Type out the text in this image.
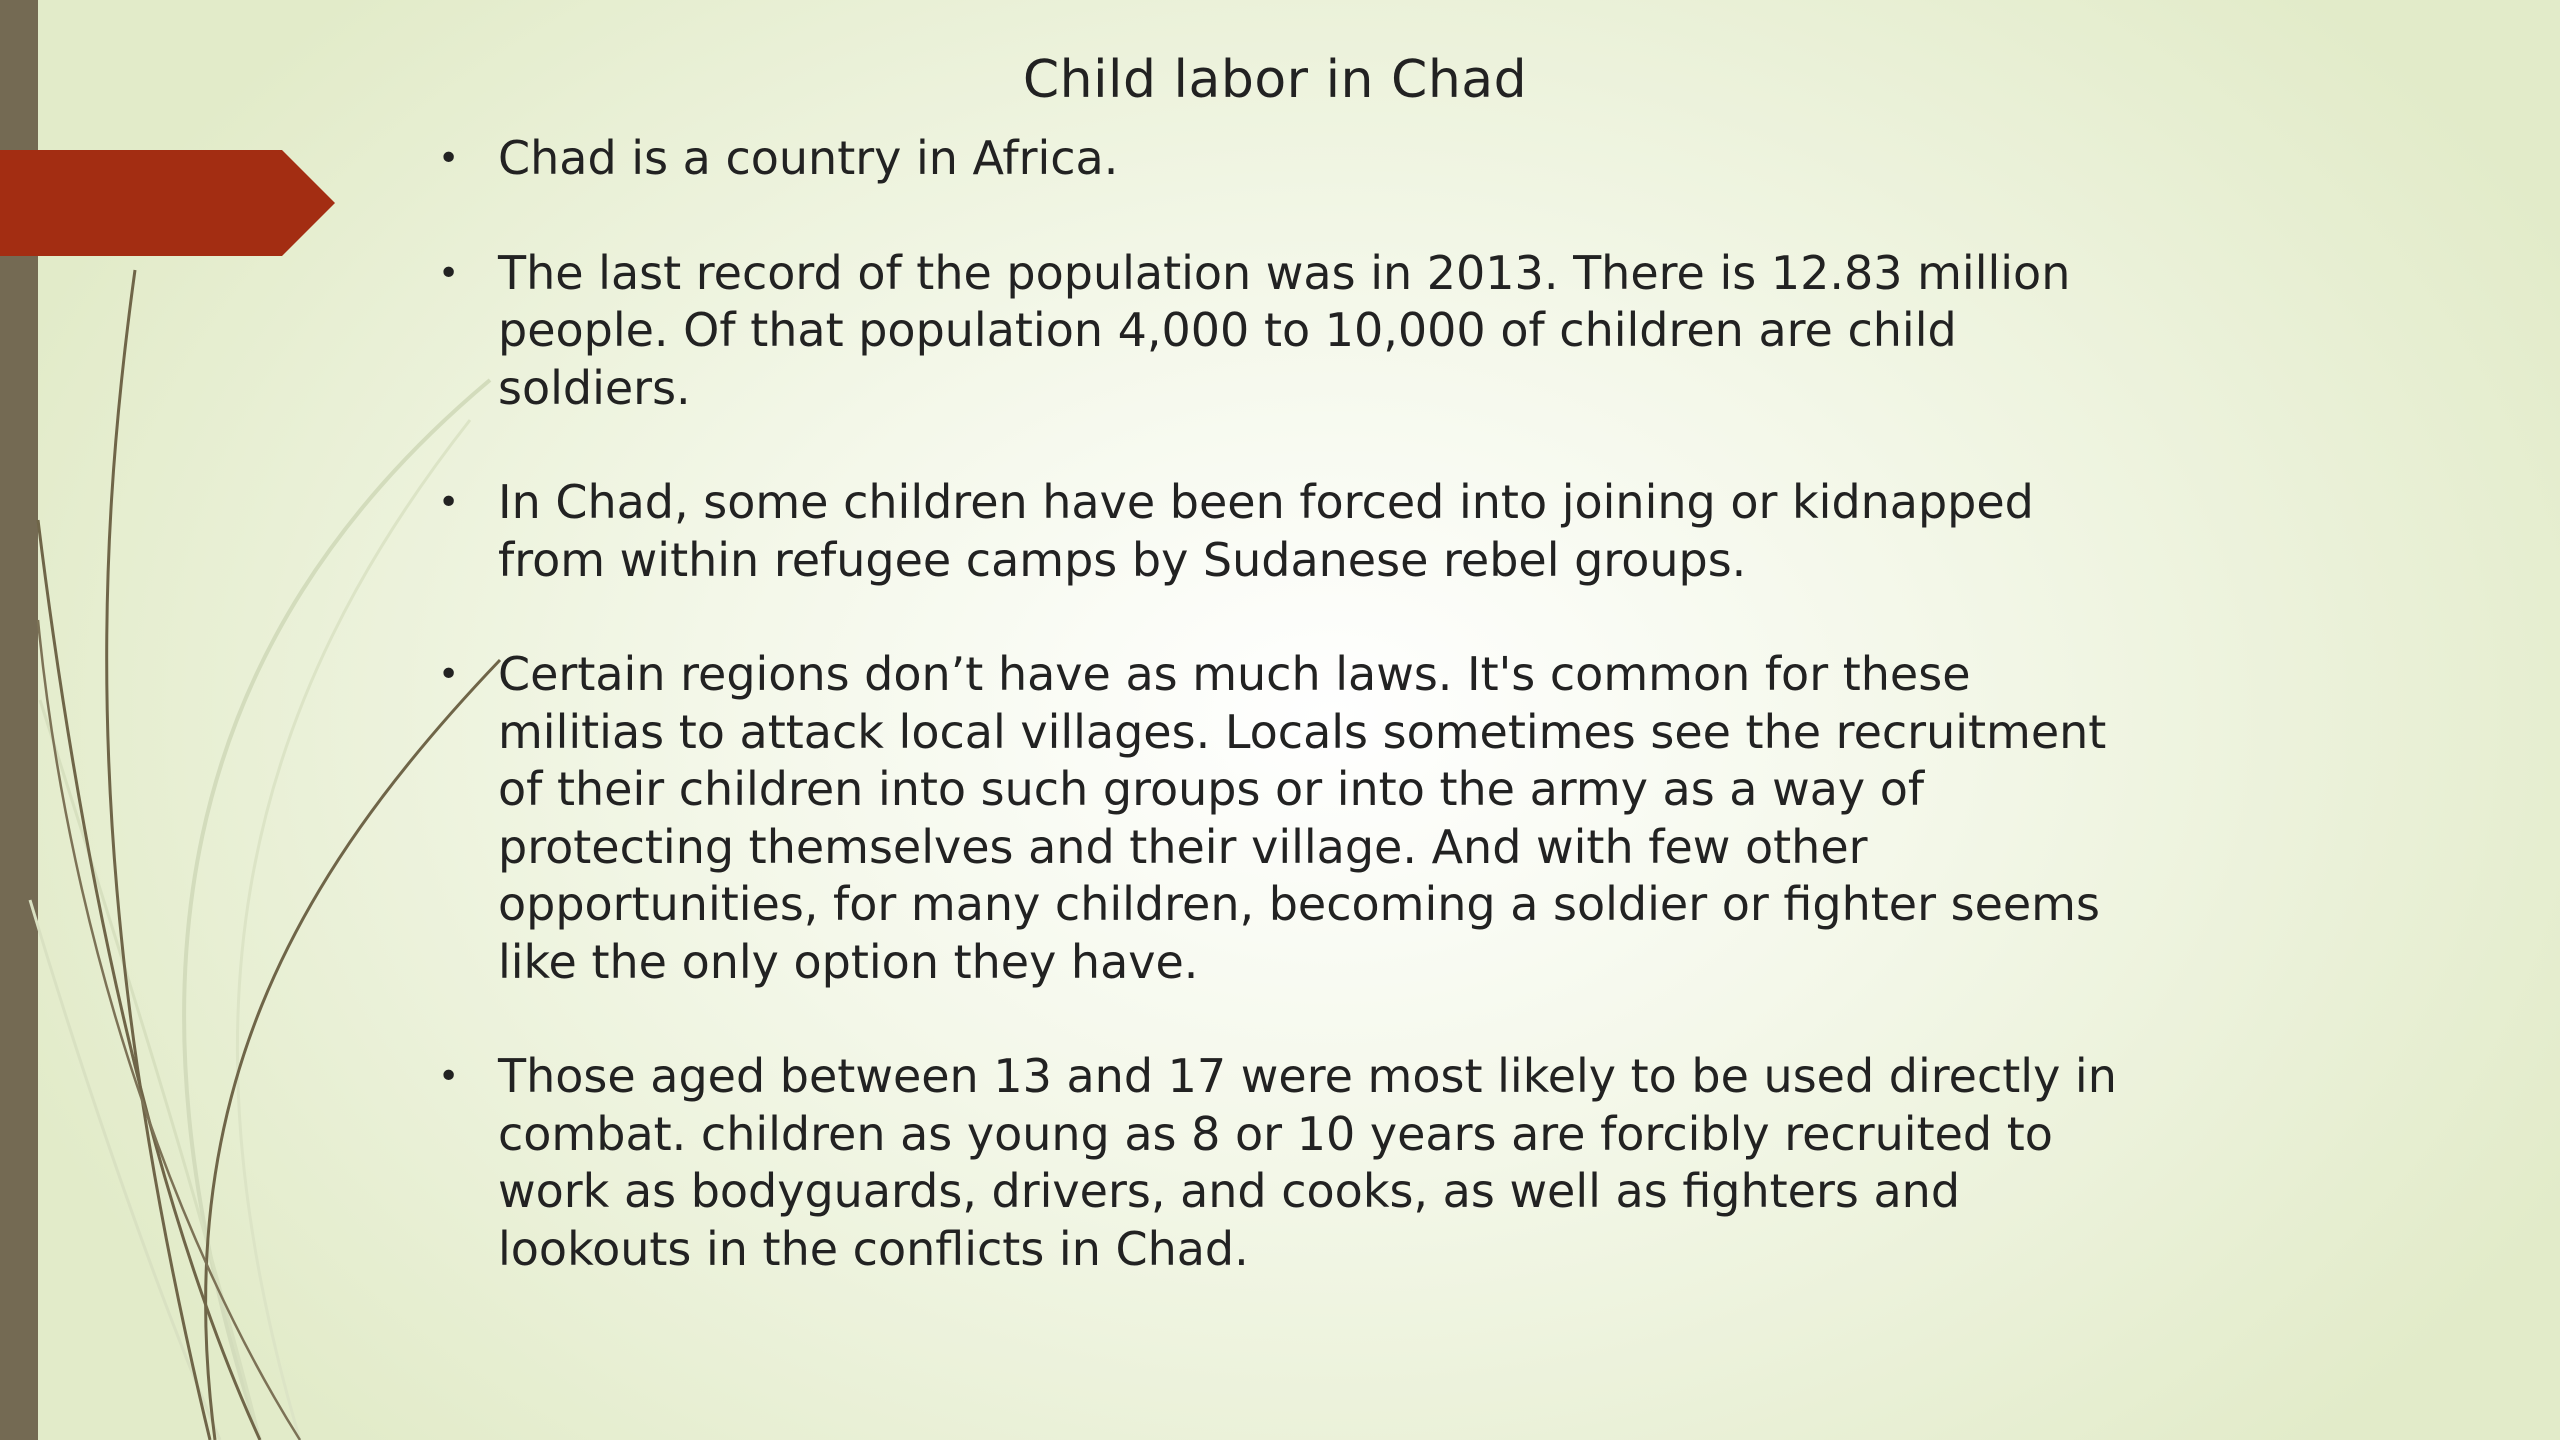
Child labor in Chad
• Chad is a country in Africa.
• The last record of the population was in 2013. There is 12.83 million people. Of that population 4,000 to 10,000 of children are child soldiers.
• In Chad, some children have been forced into joining or kidnapped from within refugee camps by Sudanese rebel groups.
• Certain regions don’t have as much laws. It's common for these militias to attack local villages. Locals sometimes see the recruitment of their children into such groups or into the army as a way of protecting themselves and their village. And with few other opportunities, for many children, becoming a soldier or fighter seems like the only option they have.
• Those aged between 13 and 17 were most likely to be used directly in combat. children as young as 8 or 10 years are forcibly recruited to work as bodyguards, drivers, and cooks, as well as fighters and lookouts in the conflicts in Chad.
